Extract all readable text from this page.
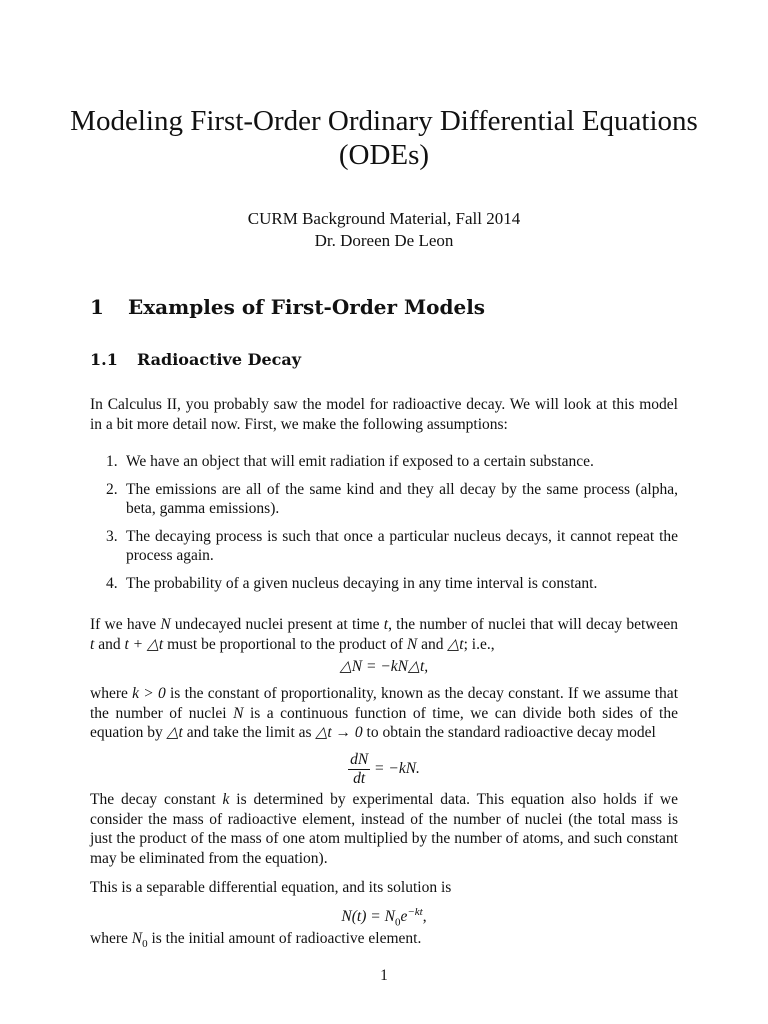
Modeling First-Order Ordinary Differential Equations
(ODEs)
CURM Background Material, Fall 2014
Dr. Doreen De Leon
1 Examples of First-Order Models
1.1 Radioactive Decay

In Calculus II, you probably saw the model for radioactive decay. We will look at this model in a bit more detail now. First, we make the following assumptions:

1. We have an object that will emit radiation if exposed to a certain substance.
2. The emissions are all of the same kind and they all decay by the same process (alpha, beta, gamma emissions).
3. The decaying process is such that once a particular nucleus decays, it cannot repeat the process again.
4. The probability of a given nucleus decaying in any time interval is constant.

If we have N undecayed nuclei present at time t, the number of nuclei that will decay between t and t + △t must be proportional to the product of N and △t; i.e.,

△N = −kN△t,

where k > 0 is the constant of proportionality, known as the decay constant. If we assume that the number of nuclei N is a continuous function of time, we can divide both sides of the equation by △t and take the limit as △t → 0 to obtain the standard radioactive decay model

$\frac{dN}{dt} = -kN$.

The decay constant k is determined by experimental data. This equation also holds if we consider the mass of radioactive element, instead of the number of nuclei (the total mass is just the product of the mass of one atom multiplied by the number of atoms, and such constant may be eliminated from the equation).

This is a separable differential equation, and its solution is

$N(t) = N_0e^{-kt}$,

where $N_0$ is the initial amount of radioactive element.

1
